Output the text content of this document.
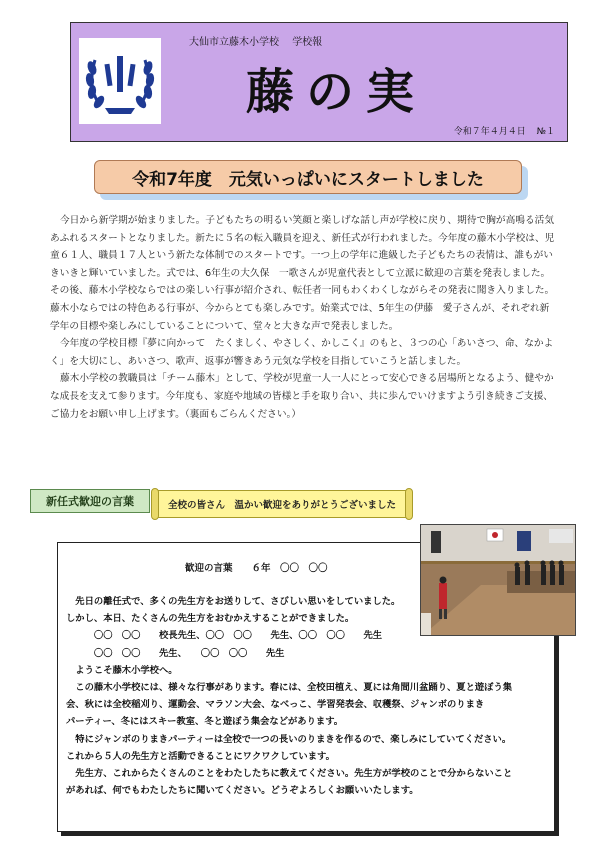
大仙市立藤木小学校 学校報
藤の実
令和７年４月４日 №１
令和7年度　元気いっぱいにスタートしました

今日から新学期が始まりました。子どもたちの明るい笑顔と楽しげな話し声が学校に戻り、期待で胸が高鳴る活気あふれるスタートとなりました。新たに５名の転入職員を迎え、新任式が行われました。今年度の藤木小学校は、児童６１人、職員１７人という新たな体制でのスタートです。一つ上の学年に進級した子どもたちの表情は、誰もがいきいきと輝いていました。式では、6年生の大久保　一歌さんが児童代表として立派に歓迎の言葉を発表しました。その後、藤木小学校ならではの楽しい行事が紹介され、転任者一同もわくわくしながらその発表に聞き入りました。藤木小ならではの特色ある行事が、今からとても楽しみです。始業式では、5年生の伊藤　愛子さんが、それぞれ新学年の目標や楽しみにしていることについて、堂々と大きな声で発表しました。

今年度の学校目標『夢に向かって　たくましく、やさしく、かしこく』のもと、３つの心「あいさつ、命、なかよく」を大切にし、あいさつ、歌声、返事が響きあう元気な学校を目指していこうと話しました。

藤木小学校の教職員は「チーム藤木」として、学校が児童一人一人にとって安心できる居場所となるよう、健やかな成長を支えて参ります。今年度も、家庭や地域の皆様と手を取り合い、共に歩んでいけますよう引き続きご支援、ご協力をお願い申し上げます。（裏面もごらんください。）

新任式歓迎の言葉	全校の皆さん　温かい歓迎をありがとうございました
歓迎の言葉　　６年　〇〇　〇〇
　先日の離任式で、多くの先生方をお送りして、さびしい思いをしていました。
しかし、本日、たくさんの先生方をおむかえすることができました。
　　　〇〇　〇〇　　校長先生、〇〇　〇〇　　先生、〇〇　〇〇　　先生
　　　〇〇　〇〇　　先生、　　〇〇　〇〇　　先生
　ようこそ藤木小学校へ。
　この藤木小学校には、様々な行事があります。春には、全校田植え、夏には角間川盆踊り、夏と遊ぼう集
会、秋には全校稲刈り、運動会、マラソン大会、なべっこ、学習発表会、収穫祭、ジャンボのりまき
パーティー、冬にはスキー教室、冬と遊ぼう集会などがあります。
　特にジャンボのりまきパーティーは全校で一つの長いのりまきを作るので、楽しみにしていてください。
これから５人の先生方と活動できることにワクワクしています。
　先生方、これからたくさんのことをわたしたちに教えてください。先生方が学校のことで分からないこと
があれば、何でもわたしたちに聞いてください。どうぞよろしくお願いいたします。
